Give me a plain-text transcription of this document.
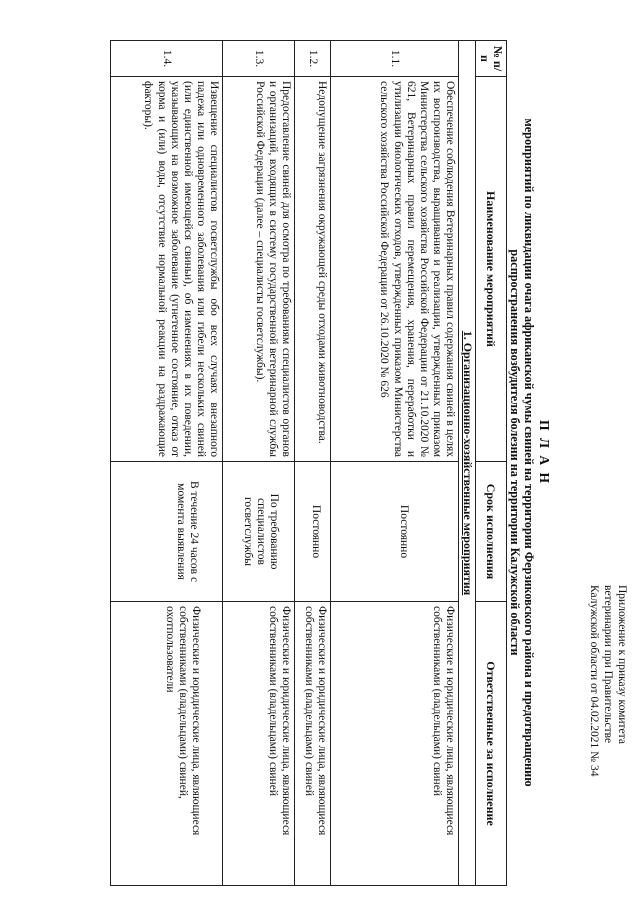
Приложение к приказу комитета
ветеринарии при Правительстве
Калужской области от 04.02.2021 № 34
П Л А Н
мероприятий по ликвидации очага африканской чумы свиней на территории Ферзиковского района и предотвращению
распространения возбудителя болезни на территории Калужской области
№ п/п	Наименование мероприятий	Срок исполнения	Ответственные за исполнение
1. Организационно-хозяйственные мероприятия			
1.1.	Обеспечение соблюдения Ветеринарных правил содержания свиней в целях их воспроизводства, выращивания и реализации, утвержденных приказом Министерства сельского хозяйства Российской Федерации от 21.10.2020 № 621, Ветеринарных правил перемещения, хранения, переработки и утилизации биологических отходов, утвержденных приказом Министерства сельского хозяйства Российской Федерации от 26.10.2020 № 626	Постоянно	Физические и юридические лица, являющиеся собственниками (владельцами) свиней
1.2.	Недопущение загрязнения окружающей среды отходами животноводства.	Постоянно	Физические и юридические лица, являющиеся собственниками (владельцами) свиней
1.3.	Предоставление свиней для осмотра по требованиям специалистов органов и организаций, входящих в систему государственной ветеринарной службы Российской Федерации (далее – специалисты госветслужбы).	По требованию специалистов госветслужбы	Физические и юридические лица, являющиеся собственниками (владельцами) свиней
1.4.	Извещение специалистов госветслужбы обо всех случаях внезапного падежа или одновременного заболевания или гибели нескольких свиней (или единственной имеющейся свиньи), об изменениях в их поведении, указывающих на возможное заболевание (угнетенное состояние, отказ от корма и (или) воды, отсутствие нормальной реакции на раздражающие факторы).	В течение 24 часов с момента выявления	Физические и юридические лица, являющиеся собственниками (владельцами) свиней, охотпользователи
